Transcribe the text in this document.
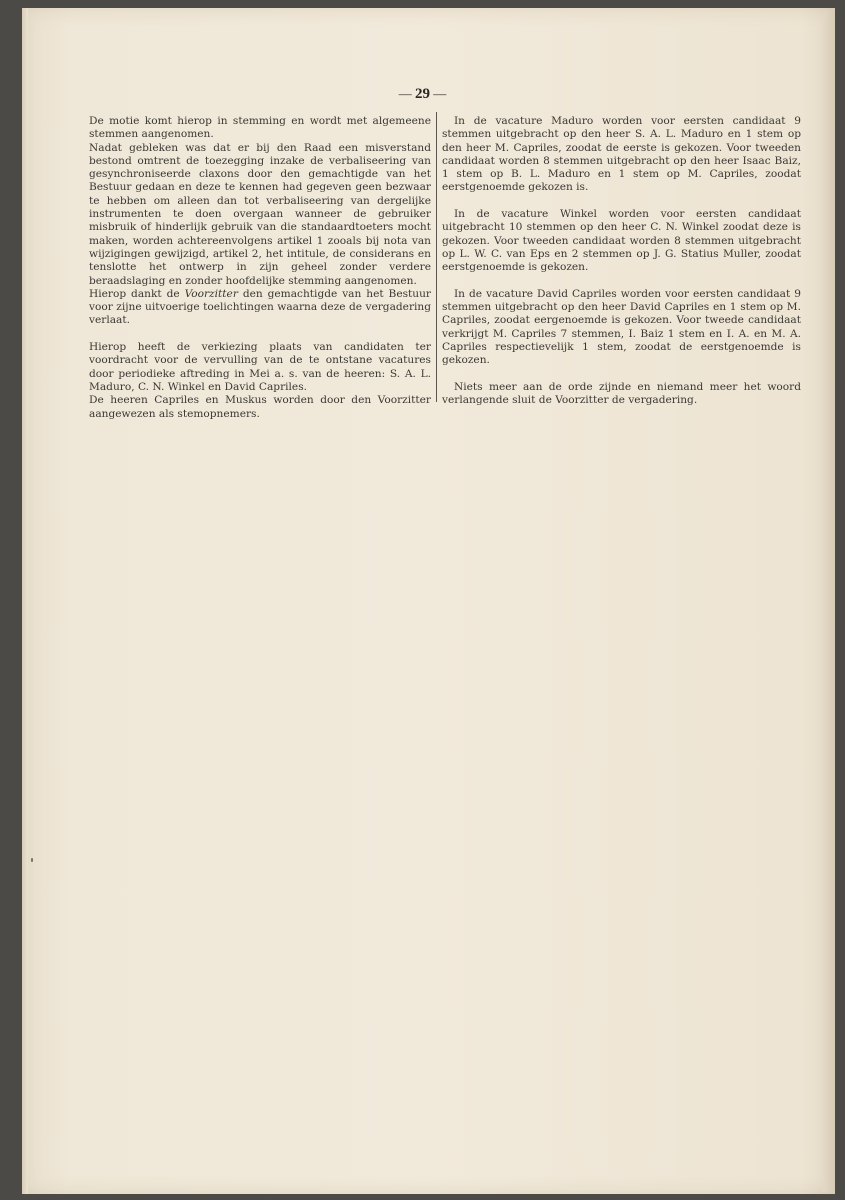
— 29 —

De motie komt hierop in stemming en wordt met algemeene stemmen aangenomen.

Nadat gebleken was dat er bij den Raad een misverstand bestond omtrent de toezegging inzake de verbaliseering van gesynchroniseerde claxons door den gemachtigde van het Bestuur gedaan en deze te kennen had gegeven geen bezwaar te hebben om alleen dan tot verbaliseering van dergelijke instrumenten te doen overgaan wanneer de gebruiker misbruik of hinderlijk gebruik van die standaardtoeters mocht maken, worden achtereenvolgens artikel 1 zooals bij nota van wijzigingen gewijzigd, artikel 2, het intitule, de considerans en tenslotte het ontwerp in zijn geheel zonder verdere beraadslaging en zonder hoofdelijke stemming aangenomen.

Hierop dankt de Voorzitter den gemachtigde van het Bestuur voor zijne uitvoerige toelichtingen waarna deze de vergadering verlaat.

Hierop heeft de verkiezing plaats van candidaten ter voordracht voor de vervulling van de te ontstane vacatures door periodieke aftreding in Mei a. s. van de heeren: S. A. L. Maduro, C. N. Winkel en David Capriles.

De heeren Capriles en Muskus worden door den Voorzitter aangewezen als stemopnemers.

In de vacature Maduro worden voor eersten candidaat 9 stemmen uitgebracht op den heer S. A. L. Maduro en 1 stem op den heer M. Capriles, zoodat de eerste is gekozen. Voor tweeden candidaat worden 8 stemmen uitgebracht op den heer Isaac Baiz, 1 stem op B. L. Maduro en 1 stem op M. Capriles, zoodat eerstgenoemde gekozen is.

In de vacature Winkel worden voor eersten candidaat uitgebracht 10 stemmen op den heer C. N. Winkel zoodat deze is gekozen. Voor tweeden candidaat worden 8 stemmen uitgebracht op L. W. C. van Eps en 2 stemmen op J. G. Statius Muller, zoodat eerstgenoemde is gekozen.

In de vacature David Capriles worden voor eersten candidaat 9 stemmen uitgebracht op den heer David Capriles en 1 stem op M. Capriles, zoodat eergenoemde is gekozen. Voor tweede candidaat verkrijgt M. Capriles 7 stemmen, I. Baiz 1 stem en I. A. en M. A. Capriles respectievelijk 1 stem, zoodat de eerstgenoemde is gekozen.

Niets meer aan de orde zijnde en niemand meer het woord verlangende sluit de Voorzitter de vergadering.
